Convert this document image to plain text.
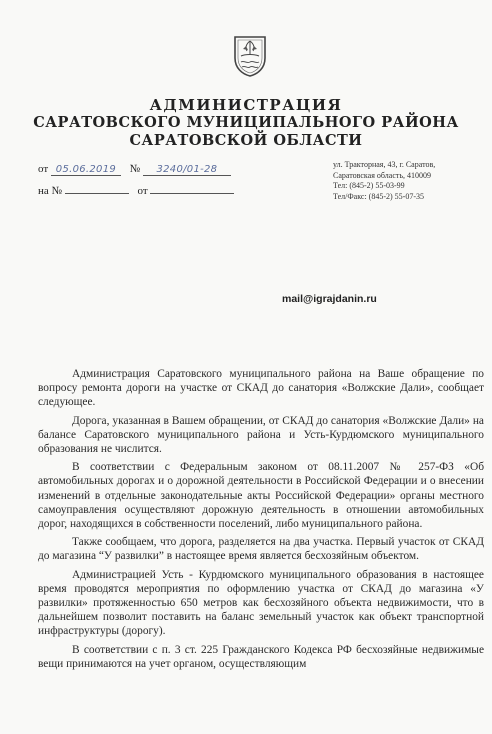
АДМИНИСТРАЦИЯ
САРАТОВСКОГО МУНИЦИПАЛЬНОГО РАЙОНА
САРАТОВСКОЙ ОБЛАСТИ
от 05.06.2019 № 3240/01-28
на №	от
ул. Тракторная, 43, г. Саратов,
Саратовская область, 410009
Тел: (845-2) 55-03-99
Тел/Факс: (845-2) 55-07-35
mail@igrajdanin.ru

Администрация Саратовского муниципального района на Ваше обращение по вопросу ремонта дороги на участке от СКАД до санатория «Волжские Дали», сообщает следующее.

Дорога, указанная в Вашем обращении, от СКАД до санатория «Волжские Дали» на балансе Саратовского муниципального района и Усть-Курдюмского муниципального образования не числится.

В соответствии с Федеральным законом от 08.11.2007 № 257-ФЗ «Об автомобильных дорогах и о дорожной деятельности в Российской Федерации и о внесении изменений в отдельные законодательные акты Российской Федерации» органы местного самоуправления осуществляют дорожную деятельность в отношении автомобильных дорог, находящихся в собственности поселений, либо муниципального района.

Также сообщаем, что дорога, разделяется на два участка. Первый участок от СКАД до магазина “У развилки” в настоящее время является бесхозяйным объектом.

Администрацией Усть - Курдюмского муниципального образования в настоящее время проводятся мероприятия по оформлению участка от СКАД до магазина «У развилки» протяженностью 650 метров как бесхозяйного объекта недвижимости, что в дальнейшем позволит поставить на баланс земельный участок как объект транспортной инфраструктуры (дорогу).

В соответствии с п. 3 ст. 225 Гражданского Кодекса РФ бесхозяйные недвижимые вещи принимаются на учет органом, осуществляющим
